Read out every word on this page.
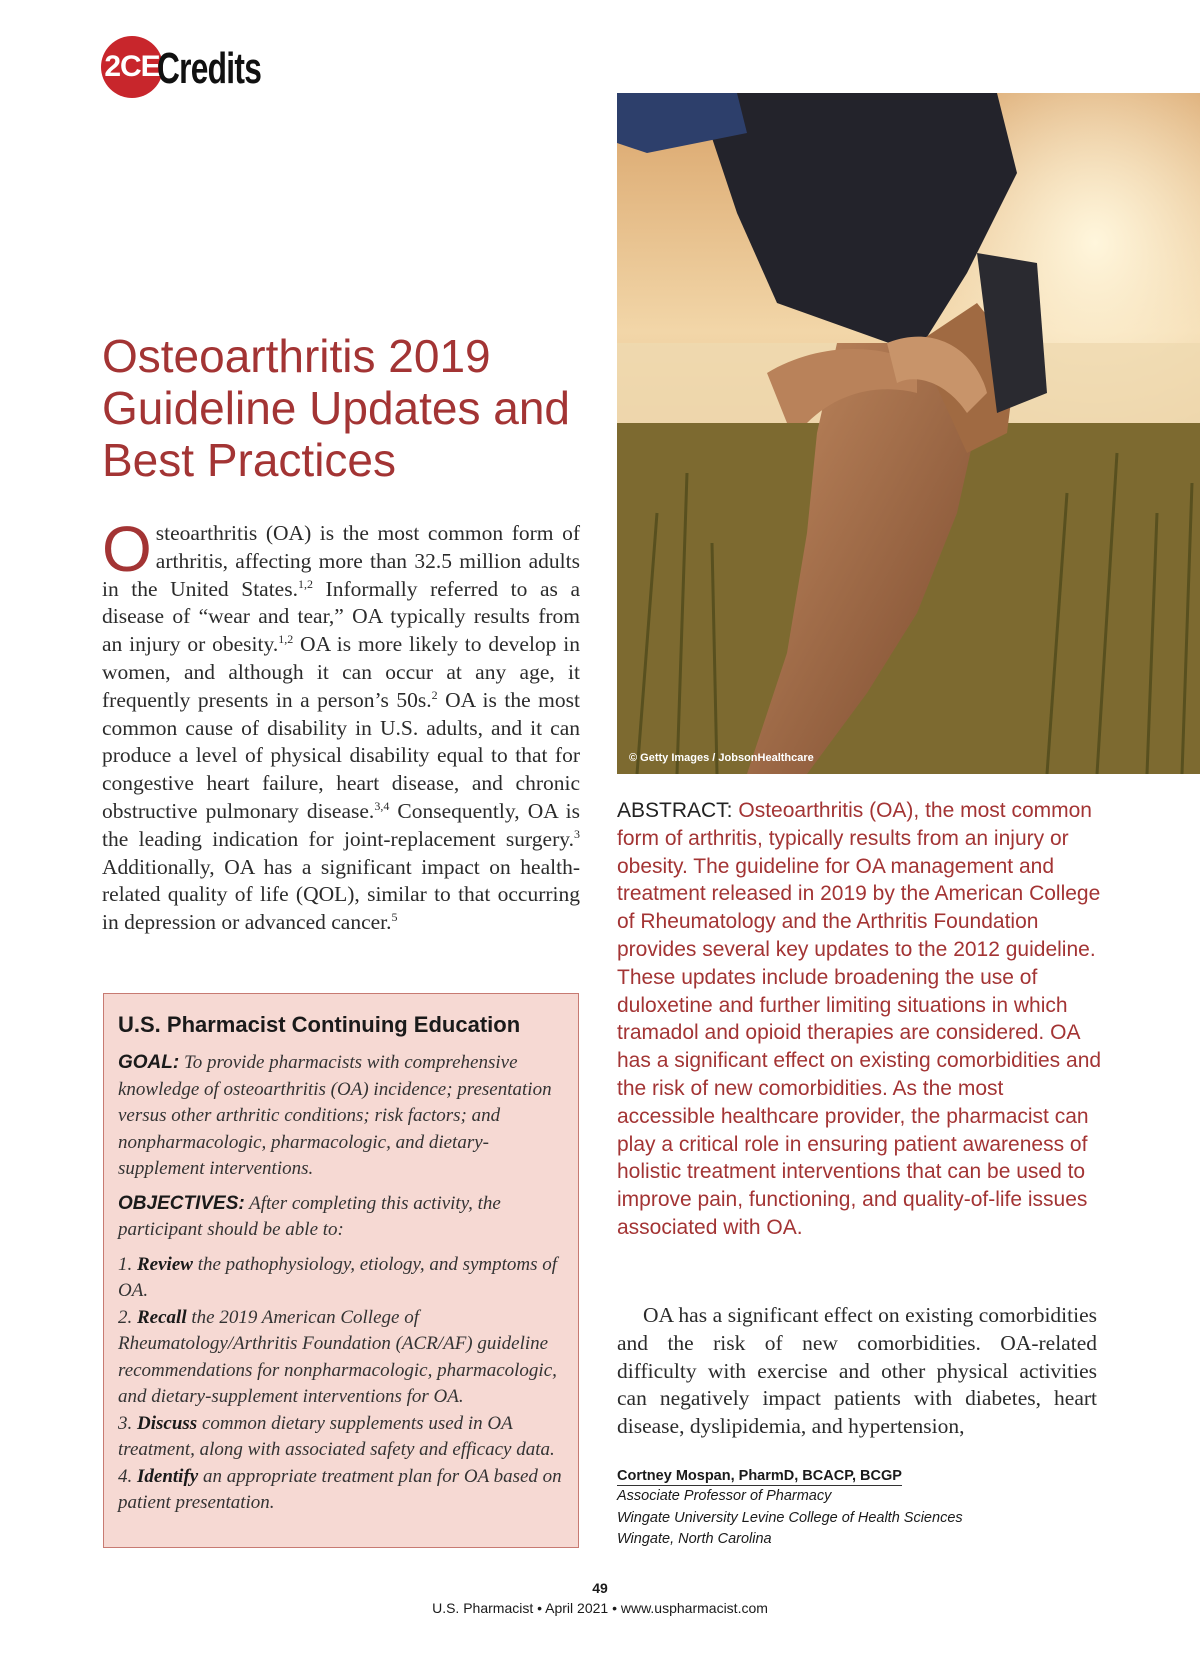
2CE
Credits
Osteoarthritis 2019 Guideline Updates and Best Practices

Osteoarthritis (OA) is the most common form of arthritis, affecting more than 32.5 million adults in the United States.$^{1,2}$ Informally referred to as a disease of “wear and tear,” OA typically results from an injury or obesity.$^{1,2}$ OA is more likely to develop in women, and although it can occur at any age, it frequently presents in a person’s 50s.$^2$ OA is the most common cause of disability in U.S. adults, and it can produce a level of physical disability equal to that for congestive heart failure, heart disease, and chronic obstructive pulmonary disease.$^{3,4}$ Consequently, OA is the leading indication for joint-replacement surgery.$^3$ Additionally, OA has a significant impact on health-related quality of life (QOL), similar to that occurring in depression or advanced cancer.$^5$

U.S. Pharmacist Continuing Education

GOAL: To provide pharmacists with comprehensive knowledge of osteoarthritis (OA) incidence; presentation versus other arthritic conditions; risk factors; and nonpharmacologic, pharmacologic, and dietary-supplement interventions.

OBJECTIVES: After completing this activity, the participant should be able to:

1. Review the pathophysiology, etiology, and symptoms of OA.
2. Recall the 2019 American College of Rheumatology/Arthritis Foundation (ACR/AF) guideline recommendations for nonpharmacologic, pharmacologic, and dietary-supplement interventions for OA.
3. Discuss common dietary supplements used in OA treatment, along with associated safety and efficacy data.
4. Identify an appropriate treatment plan for OA based on patient presentation.
© Getty Images / JobsonHealthcare

ABSTRACT: Osteoarthritis (OA), the most common form of arthritis, typically results from an injury or obesity. The guideline for OA management and treatment released in 2019 by the American College of Rheumatology and the Arthritis Foundation provides several key updates to the 2012 guideline. These updates include broadening the use of duloxetine and further limiting situations in which tramadol and opioid therapies are considered. OA has a significant effect on existing comorbidities and the risk of new comorbidities. As the most accessible healthcare provider, the pharmacist can play a critical role in ensuring patient awareness of holistic treatment interventions that can be used to improve pain, functioning, and quality-of-life issues associated with OA.

OA has a significant effect on existing comorbidities and the risk of new comorbidities. OA-related difficulty with exercise and other physical activities can negatively impact patients with diabetes, heart disease, dyslipidemia, and hypertension,

Cortney Mospan, PharmD, BCACP, BCGP
Associate Professor of Pharmacy
Wingate University Levine College of Health Sciences
Wingate, North Carolina
49
U.S. Pharmacist • April 2021 • www.uspharmacist.com
